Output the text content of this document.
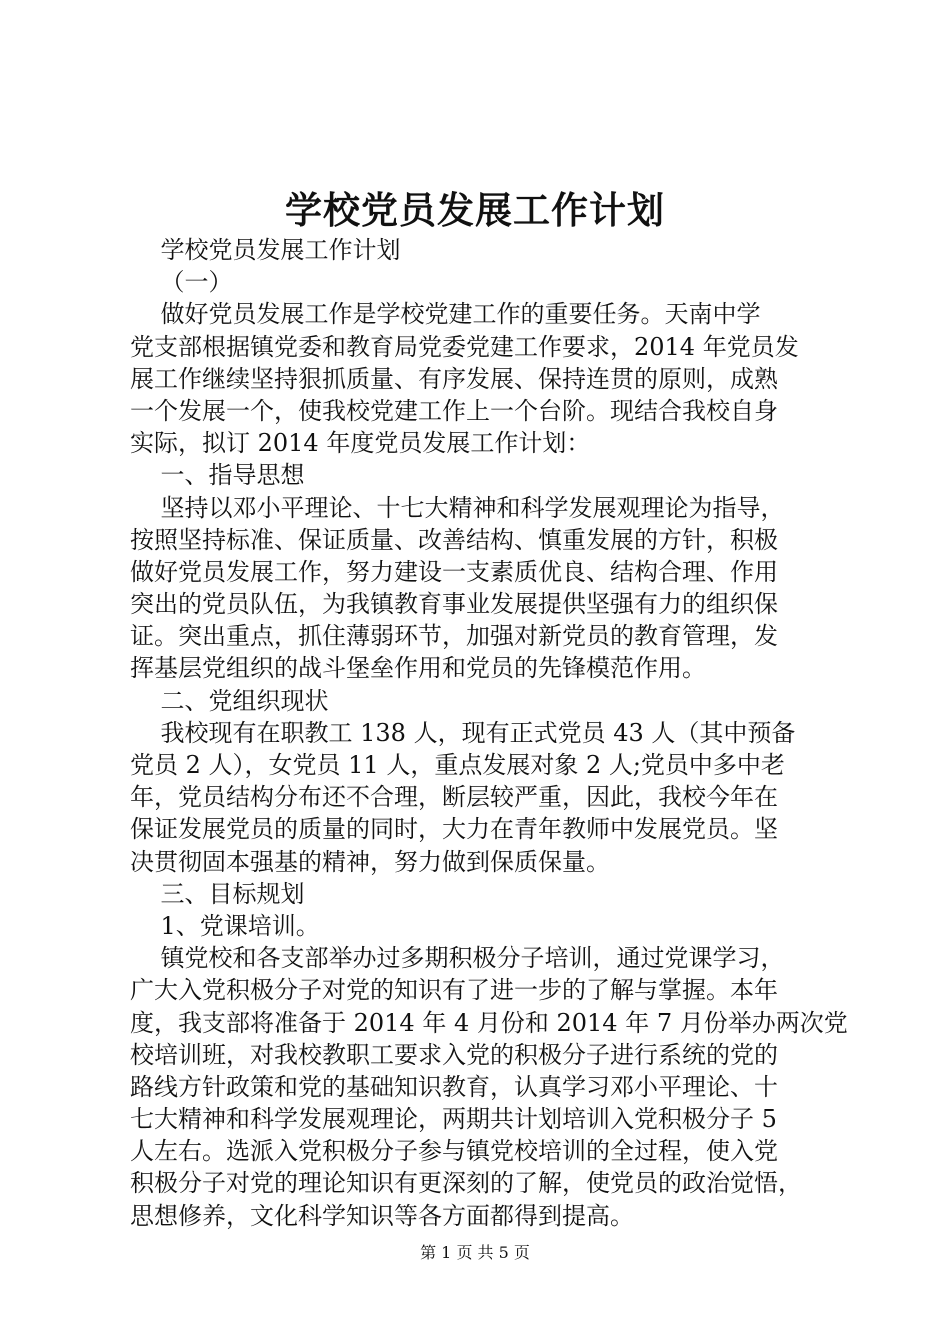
学校党员发展工作计划
学校党员发展工作计划
（一）
做好党员发展工作是学校党建工作的重要任务。天南中学
党支部根据镇党委和教育局党委党建工作要求，2014 年党员发
展工作继续坚持狠抓质量、有序发展、保持连贯的原则，成熟
一个发展一个，使我校党建工作上一个台阶。现结合我校自身
实际，拟订 2014 年度党员发展工作计划：
一、指导思想
坚持以邓小平理论、十七大精神和科学发展观理论为指导，
按照坚持标准、保证质量、改善结构、慎重发展的方针，积极
做好党员发展工作，努力建设一支素质优良、结构合理、作用
突出的党员队伍，为我镇教育事业发展提供坚强有力的组织保
证。突出重点，抓住薄弱环节，加强对新党员的教育管理，发
挥基层党组织的战斗堡垒作用和党员的先锋模范作用。
二、党组织现状
我校现有在职教工 138 人，现有正式党员 43 人（其中预备
党员 2 人），女党员 11 人，重点发展对象 2 人;党员中多中老
年，党员结构分布还不合理，断层较严重，因此，我校今年在
保证发展党员的质量的同时，大力在青年教师中发展党员。坚
决贯彻固本强基的精神，努力做到保质保量。
三、目标规划
1、党课培训。
镇党校和各支部举办过多期积极分子培训，通过党课学习，
广大入党积极分子对党的知识有了进一步的了解与掌握。本年
度，我支部将准备于 2014 年 4 月份和 2014 年 7 月份举办两次党
校培训班，对我校教职工要求入党的积极分子进行系统的党的
路线方针政策和党的基础知识教育，认真学习邓小平理论、十
七大精神和科学发展观理论，两期共计划培训入党积极分子 5
人左右。选派入党积极分子参与镇党校培训的全过程，使入党
积极分子对党的理论知识有更深刻的了解，使党员的政治觉悟，
思想修养，文化科学知识等各方面都得到提高。
第 1 页 共 5 页
